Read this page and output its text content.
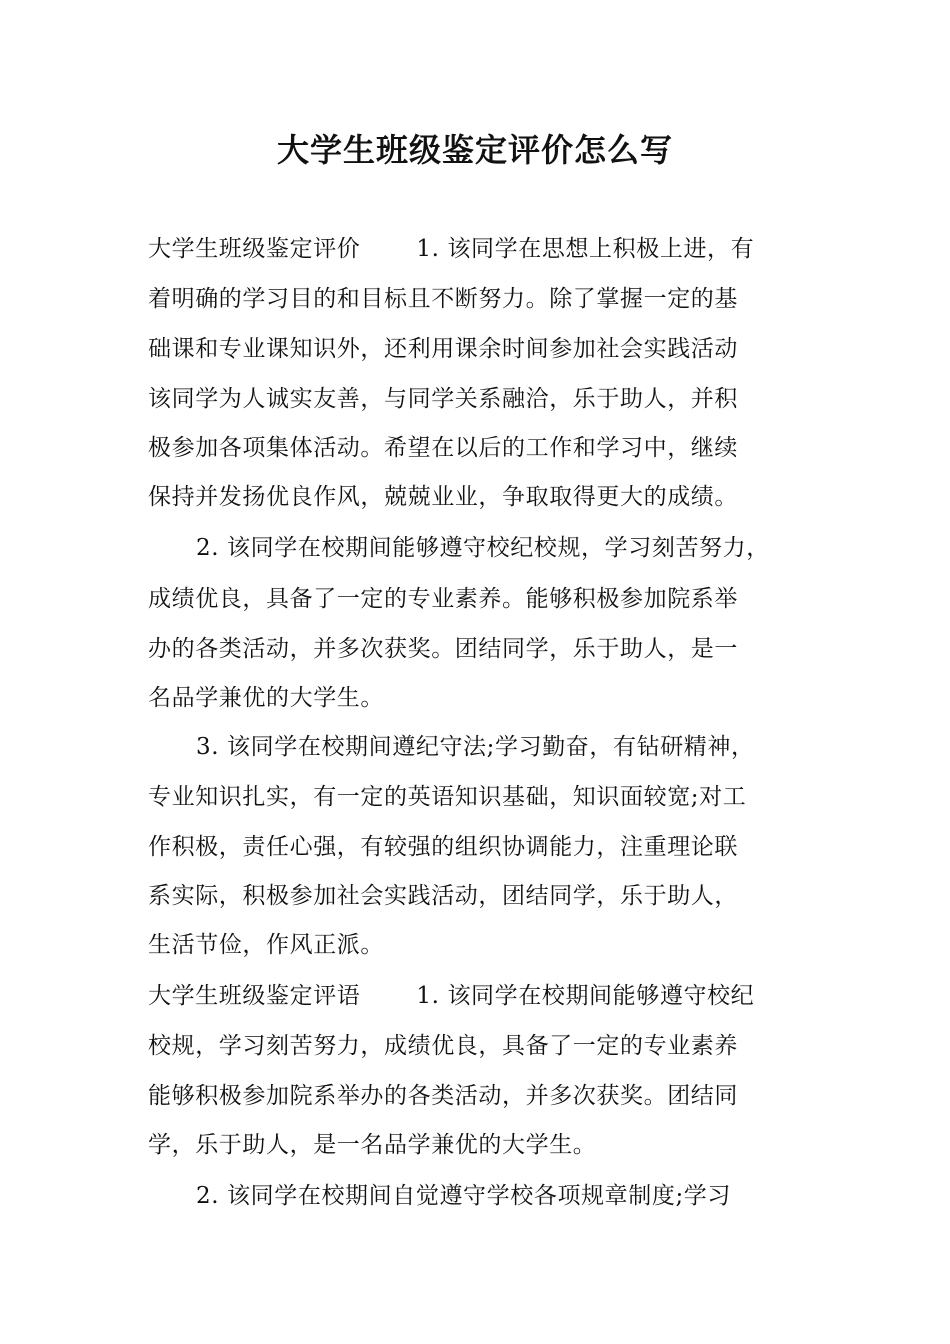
大学生班级鉴定评价怎么写
大学生班级鉴定评价 1. 该同学在思想上积极上进，有
着明确的学习目的和目标且不断努力。除了掌握一定的基
础课和专业课知识外，还利用课余时间参加社会实践活动
该同学为人诚实友善，与同学关系融洽，乐于助人，并积
极参加各项集体活动。希望在以后的工作和学习中，继续
保持并发扬优良作风，兢兢业业，争取取得更大的成绩。
2. 该同学在校期间能够遵守校纪校规，学习刻苦努力，
成绩优良，具备了一定的专业素养。能够积极参加院系举
办的各类活动，并多次获奖。团结同学，乐于助人，是一
名品学兼优的大学生。
3. 该同学在校期间遵纪守法;学习勤奋，有钻研精神，
专业知识扎实，有一定的英语知识基础，知识面较宽;对工
作积极，责任心强，有较强的组织协调能力，注重理论联
系实际，积极参加社会实践活动，团结同学，乐于助人，
生活节俭，作风正派。
大学生班级鉴定评语 1. 该同学在校期间能够遵守校纪
校规，学习刻苦努力，成绩优良，具备了一定的专业素养
能够积极参加院系举办的各类活动，并多次获奖。团结同
学，乐于助人，是一名品学兼优的大学生。
2. 该同学在校期间自觉遵守学校各项规章制度;学习
